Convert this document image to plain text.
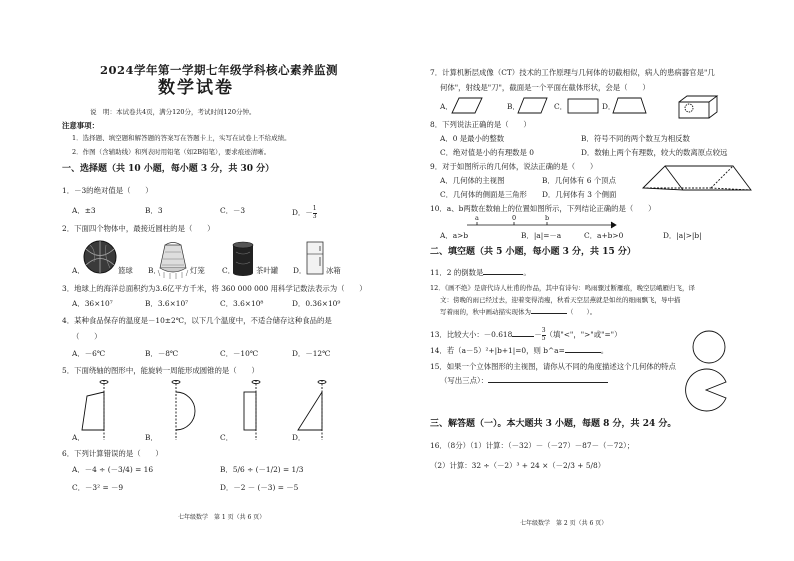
2024学年第一学期七年级学科核心素养监测
数学试卷
说　明：本试卷共4页，满分120分，考试时间120分钟。
注意事项：
1．选择题、填空题和解答题的答案写在答题卡上，实写在试卷上不给成绩。
2．作图（含辅助线）和列表时用铅笔（如2B铅笔），要求痕迹清晰。
一、选择题（共 10 小题，每小题 3 分，共 30 分）
1．－3的绝对值是（　　）
A．±3	B．3	C．－3	D．－ $\frac{1}{3}$
2．下面四个物体中，最接近圆柱的是（　　）
A．	篮球 B．	灯笼 C．	茶叶罐 D．	冰箱
3．地球上的海洋总面积约为3.6亿平方千米，将 360 000 000 用科学记数法表示为（　　）
A．36×10⁷	B．3.6×10⁷	C．3.6×10⁸	D．0.36×10⁹
4．某种食品保存的温度是－10±2℃，以下几个温度中，不适合储存这种食品的是
（　　）
A．－6℃	B．－8℃	C．－10℃	D．－12℃
5．下面绕轴的图形中，能旋转一周能形成圆锥的是（　　）
A．	B．	C．	D．
6．下列计算错误的是（　　）
A．－4 ÷ (－3/4) = 16	B．5/6 ÷ (－1/2) = 1/3
C．－3² = －9	D．－2 － (－3) = －5
七年级数学　第 1 页（共 6 页）
7．计算机断层成像（CT）技术的工作原理与几何体的切截相似，病人的患病器官是"几
何体"，射线是"刀"，截面是一个平面在截体形状，会是（　　）
A．	B．	C．	D．
8．下列说法正确的是（　　）
A．0 是最小的整数	B．符号不同的两个数互为相反数
C．绝对值是小的有理数是 0	D．数轴上两个有理数，较大的数离原点较远
9．对于如图所示的几何体，说法正确的是（　　）
A．几何体的主视图	B．几何体有 6 个顶点
C．几何体的侧面是三角形 D．几何体有 3 个侧面
10．a、b两数在数轴上的位置如图所示，下列结论正确的是（　　）
a	0	b
A．a>b	B．|a|=－a	C．a+b>0	D．|a|>|b|
二、填空题（共 5 小题，每小题 3 分，共 15 分）
11．2 的倒数是	。
12．《画不绝》是唐代诗人杜甫的作品，其中有诗句：鸣雨骤过断雁痕，晚空层峨雁归飞，译
文：傍晚的雨已经过去，迎着变得消瘦，秋看天空层燕就是如丝的细雨飘飞，导中描
写着雨的，秋中画动描实现体为	（　　）。
13．比较大小：－0.618	－ $\frac{3}{5}$ （填"<"，">"或"="）
14．若（a－5）²+|b+1|=0，则 b^a=	。
15．如果一个立体图形的主视图，请你从不同的角度描述这个几何体的特点
（写出三点）：
三、解答题（一）。本大题共 3 小题，每题 8 分，共 24 分。
16．（8分）（1）计算：（－32）－（－27）－87－（－72）；
（2）计算：32 ÷（－2）³ + 24 ×（－2/3 + 5/8）
七年级数学　第 2 页（共 6 页）
